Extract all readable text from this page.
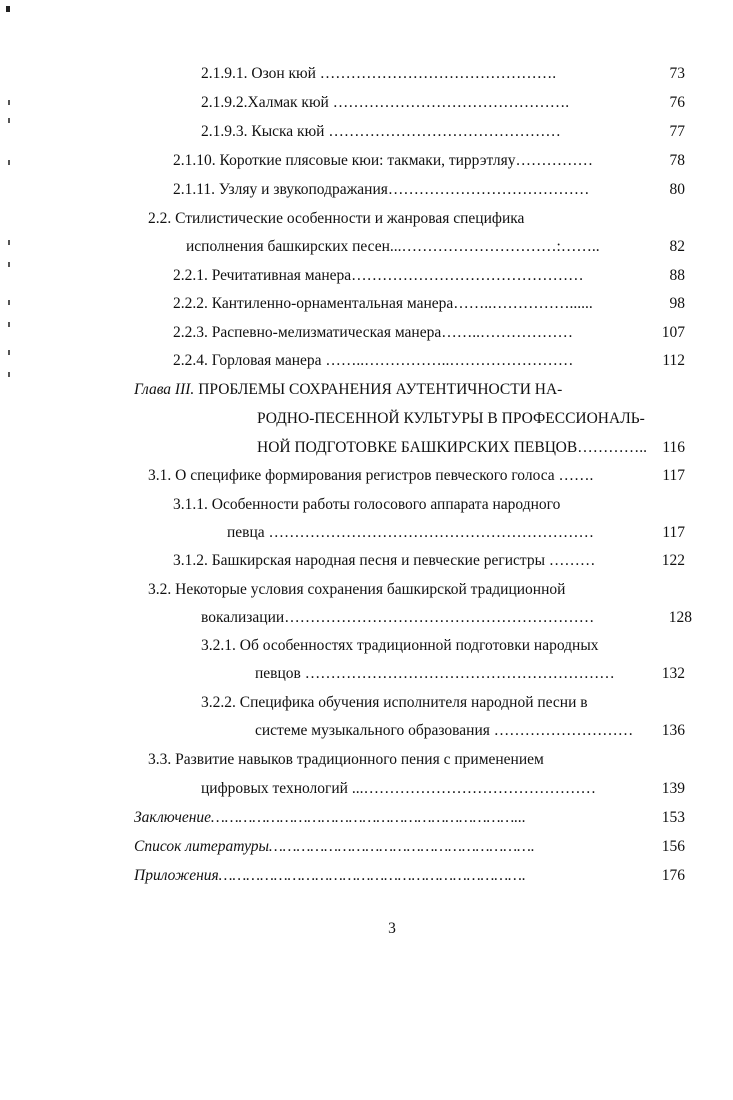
2.1.9.1. Озон кюй ……………………………………….	73
2.1.9.2.Халмак кюй ……………………………………….	76
2.1.9.3. Кыска кюй ………………………………………	77
2.1.10. Короткие плясовые кюи: такмаки, тиррэтляу……………	78
2.1.11. Узляу и звукоподражания…………………………………	80
2.2. Стилистические особенности и жанровая специфика
исполнения башкирских песен...…………………………:……..	82
2.2.1. Речитативная манера………………………………………	88
2.2.2. Кантиленно-орнаментальная манера……..……………......	98
2.2.3. Распевно-мелизматическая манера……..………………	107
2.2.4. Горловая манера ……..……………..……………………	112
Глава III. ПРОБЛЕМЫ СОХРАНЕНИЯ АУТЕНТИЧНОСТИ НА-
РОДНО-ПЕСЕННОЙ КУЛЬТУРЫ В ПРОФЕССИОНАЛЬ-
НОЙ ПОДГОТОВКЕ БАШКИРСКИХ ПЕВЦОВ………….. 116
3.1. О специфике формирования регистров певческого голоса …….	117
3.1.1. Особенности работы голосового аппарата народного
певца ………………………………………………………	117
3.1.2. Башкирская народная песня и певческие регистры ………	122
3.2. Некоторые условия сохранения башкирской традиционной
вокализации……………………………………………………	128
3.2.1. Об особенностях традиционной подготовки народных
певцов ……………………………………………………	132
3.2.2. Специфика обучения исполнителя народной песни в
системе музыкального образования ……………………… 136
3.3. Развитие навыков традиционного пения с применением
цифровых технологий ...………………………………………	139
Заключение…………………………………………………………...	153
Список литературы………………………………………………….	156
Приложения………………………………………………………….	176
3
